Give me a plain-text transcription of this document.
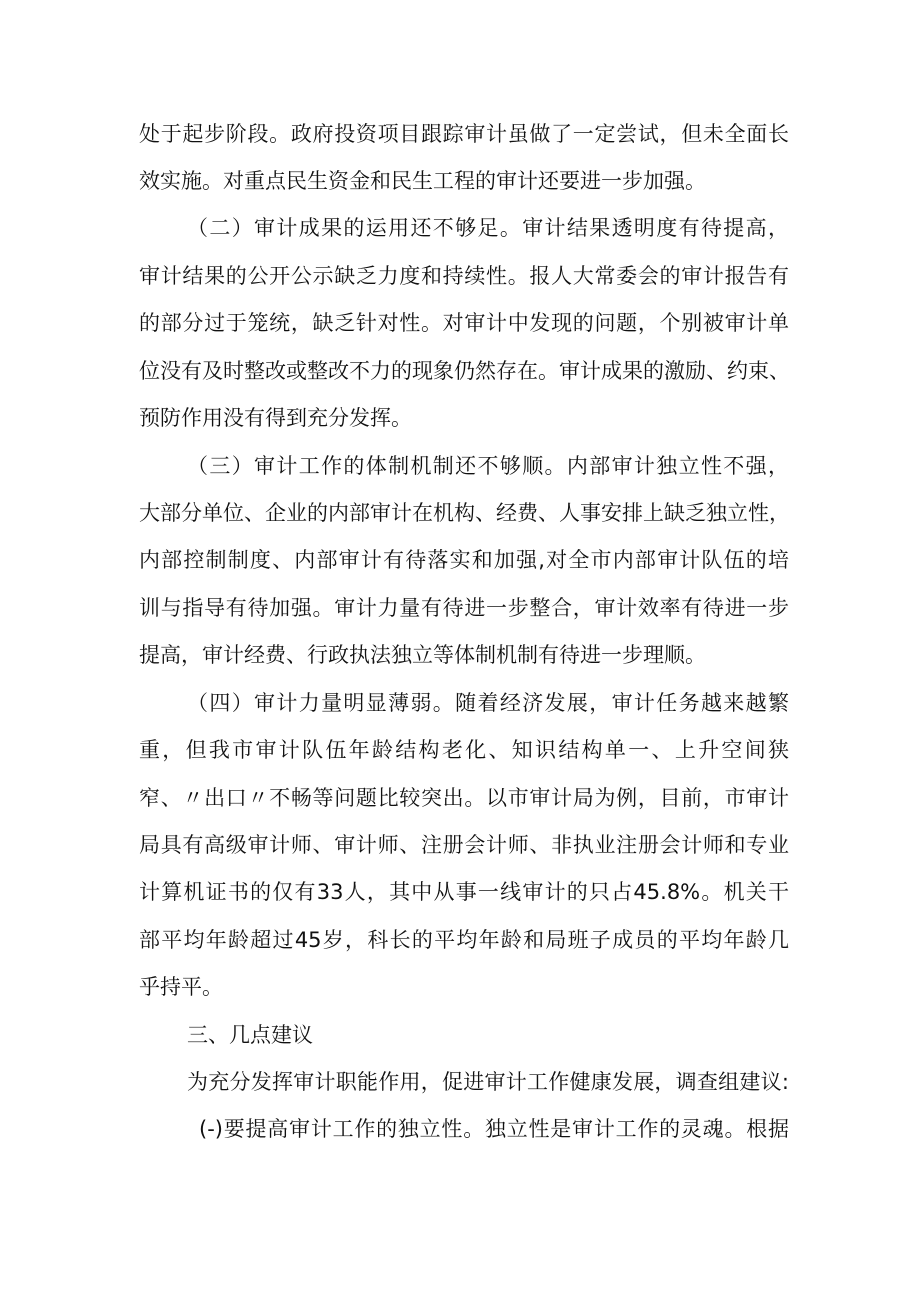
处于起步阶段。政府投资项目跟踪审计虽做了一定尝试，但未全面长
效实施。对重点民生资金和民生工程的审计还要进一步加强。
（二）审计成果的运用还不够足。审计结果透明度有待提高，
审计结果的公开公示缺乏力度和持续性。报人大常委会的审计报告有
的部分过于笼统，缺乏针对性。对审计中发现的问题，个别被审计单
位没有及时整改或整改不力的现象仍然存在。审计成果的激励、约束、
预防作用没有得到充分发挥。
（三）审计工作的体制机制还不够顺。内部审计独立性不强，
大部分单位、企业的内部审计在机构、经费、人事安排上缺乏独立性，
内部控制制度、内部审计有待落实和加强,对全市内部审计队伍的培
训与指导有待加强。审计力量有待进一步整合，审计效率有待进一步
提高，审计经费、行政执法独立等体制机制有待进一步理顺。
（四）审计力量明显薄弱。随着经济发展，审计任务越来越繁
重，但我市审计队伍年龄结构老化、知识结构单一、上升空间狭
窄、〃出口〃不畅等问题比较突出。以市审计局为例，目前，市审计
局具有高级审计师、审计师、注册会计师、非执业注册会计师和专业
计算机证书的仅有33人，其中从事一线审计的只占45.8%。机关干
部平均年龄超过45岁，科长的平均年龄和局班子成员的平均年龄几
乎持平。
三、几点建议
为充分发挥审计职能作用，促进审计工作健康发展，调查组建议:
(-)要提高审计工作的独立性。独立性是审计工作的灵魂。根据
